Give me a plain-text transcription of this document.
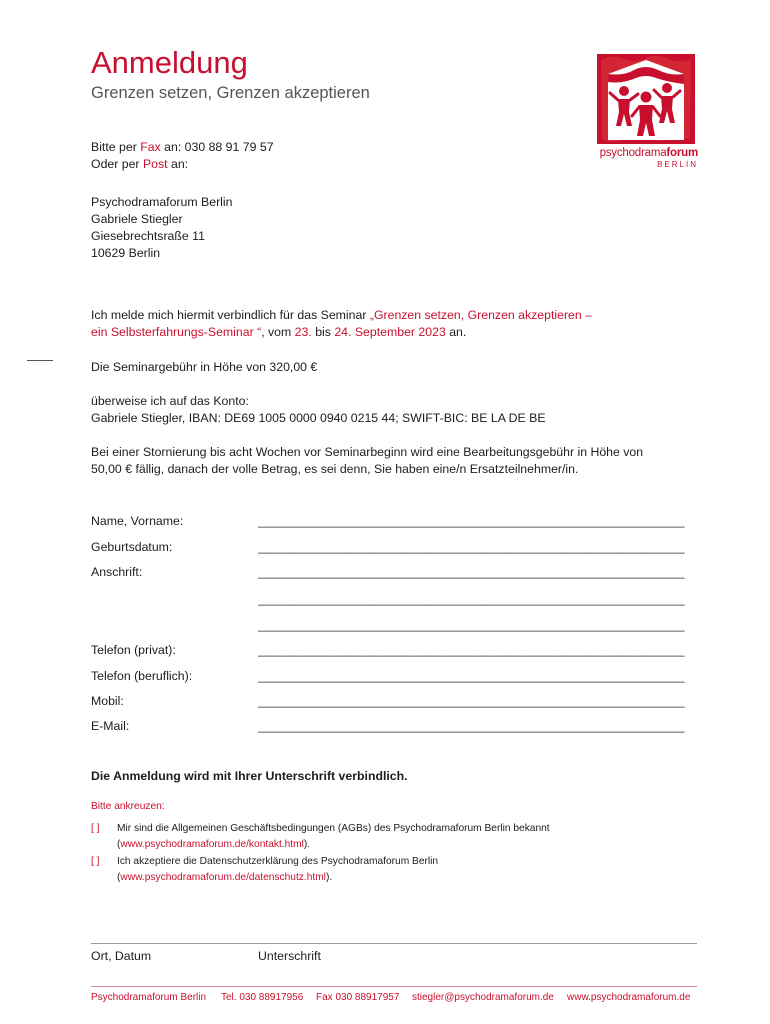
Anmeldung
Grenzen setzen, Grenzen akzeptieren
psychodramaforum
BERLIN
Bitte per Fax an: 030 88 91 79 57
Oder per Post an:
Psychodramaforum Berlin
Gabriele Stiegler
Giesebrechtsraße 11
10629 Berlin
Ich melde mich hiermit verbindlich für das Seminar „Grenzen setzen, Grenzen akzeptieren –
ein Selbsterfahrungs-Seminar “, vom 23. bis 24. September 2023 an.
Die Seminargebühr in Höhe von 320,00 €
überweise ich auf das Konto:
Gabriele Stiegler, IBAN: DE69 1005 0000 0940 0215 44; SWIFT-BIC: BE LA DE BE
Bei einer Stornierung bis acht Wochen vor Seminarbeginn wird eine Bearbeitungsgebühr in Höhe von
50,00 € fällig, danach der volle Betrag, es sei denn, Sie haben eine/n Ersatzteilnehmer/in.
Name, Vorname:	_____________________________________________________________________
Geburtsdatum:	_____________________________________________________________________
Anschrift:	_____________________________________________________________________
_____________________________________________________________________
_____________________________________________________________________
Telefon (privat):	_____________________________________________________________________
Telefon (beruflich):	_____________________________________________________________________
Mobil:	_____________________________________________________________________
E-Mail:	_____________________________________________________________________
Die Anmeldung wird mit Ihrer Unterschrift verbindlich.
Bitte ankreuzen:
[ ] Mir sind die Allgemeinen Geschäftsbedingungen (AGBs) des Psychodramaforum Berlin bekannt
(www.psychodramaforum.de/kontakt.html).
[ ] Ich akzeptiere die Datenschutzerklärung des Psychodramaforum Berlin
(www.psychodramaforum.de/datenschutz.html).
Ort, Datum	Unterschrift
Psychodramaforum Berlin Tel. 030 88917956 Fax 030 88917957 stiegler@psychodramaforum.de www.psychodramaforum.de
